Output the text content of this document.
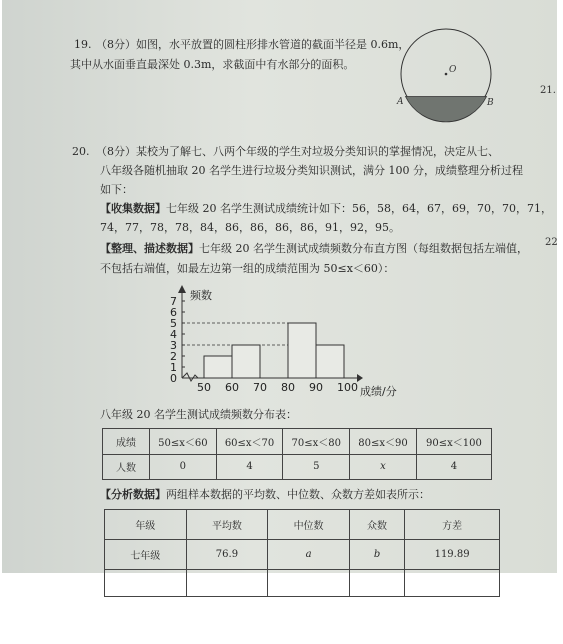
19. （8分）如图，水平放置的圆柱形排水管道的截面半径是 0.6m，
其中从水面垂直最深处 0.3m，求截面中有水部分的面积。	O
A	B
21.
22
20. （8分）某校为了解七、八两个年级的学生对垃圾分类知识的掌握情况，决定从七、
八年级各随机抽取 20 名学生进行垃圾分类知识测试，满分 100 分，成绩整理分析过程
如下：
【收集数据】七年级 20 名学生测试成绩统计如下：56，58，64，67，69，70，70，71，
74，77，78，78，84，86，86，86，86，91，92，95。
【整理、描述数据】七年级 20 名学生测试成绩频数分布直方图（每组数据包括左端值，
不包括右端值，如最左边第一组的成绩范围为 50≤x＜60）：
0
1
2
3
4
5
6
7
50 60 70 80 90 100
频数
成绩/分
八年级 20 名学生测试成绩频数分布表：
成绩	50≤x＜60	60≤x＜70	70≤x＜80	80≤x＜90	90≤x＜100
人数	0	4	5	x	4
【分析数据】两组样本数据的平均数、中位数、众数方差如表所示：
年级	平均数	中位数	众数	方差
七年级	76.9	a	b	119.89
